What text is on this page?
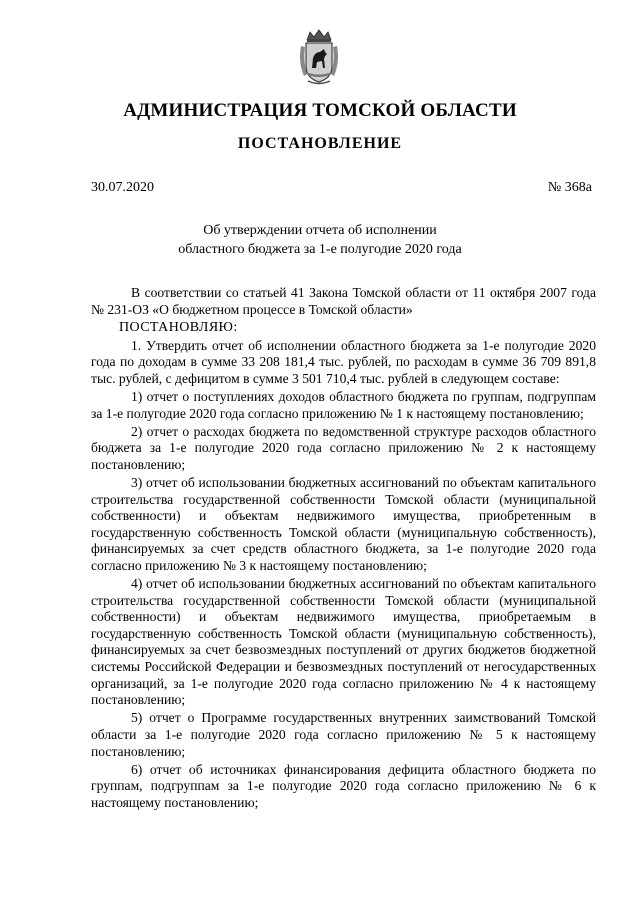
АДМИНИСТРАЦИЯ ТОМСКОЙ ОБЛАСТИ
ПОСТАНОВЛЕНИЕ
30.07.2020	№ 368а
Об утверждении отчета об исполнении
областного бюджета за 1-е полугодие 2020 года

В соответствии со статьей 41 Закона Томской области от 11 октября 2007 года № 231-ОЗ «О бюджетном процессе в Томской области»

ПОСТАНОВЛЯЮ:

1. Утвердить отчет об исполнении областного бюджета за 1-е полугодие 2020 года по доходам в сумме 33 208 181,4 тыс. рублей, по расходам в сумме 36 709 891,8 тыс. рублей, с дефицитом в сумме 3 501 710,4 тыс. рублей в следующем составе:

1) отчет о поступлениях доходов областного бюджета по группам, подгруппам за 1-е полугодие 2020 года согласно приложению № 1 к настоящему постановлению;

2) отчет о расходах бюджета по ведомственной структуре расходов областного бюджета за 1-е полугодие 2020 года согласно приложению № 2 к настоящему постановлению;

3) отчет об использовании бюджетных ассигнований по объектам капитального строительства государственной собственности Томской области (муниципальной собственности) и объектам недвижимого имущества, приобретенным в государственную собственность Томской области (муниципальную собственность), финансируемых за счет средств областного бюджета, за 1-е полугодие 2020 года согласно приложению № 3 к настоящему постановлению;

4) отчет об использовании бюджетных ассигнований по объектам капитального строительства государственной собственности Томской области (муниципальной собственности) и объектам недвижимого имущества, приобретаемым в государственную собственность Томской области (муниципальную собственность), финансируемых за счет безвозмездных поступлений от других бюджетов бюджетной системы Российской Федерации и безвозмездных поступлений от негосударственных организаций, за 1-е полугодие 2020 года согласно приложению № 4 к настоящему постановлению;

5) отчет о Программе государственных внутренних заимствований Томской области за 1-е полугодие 2020 года согласно приложению № 5 к настоящему постановлению;

6) отчет об источниках финансирования дефицита областного бюджета по группам, подгруппам за 1-е полугодие 2020 года согласно приложению № 6 к настоящему постановлению;
